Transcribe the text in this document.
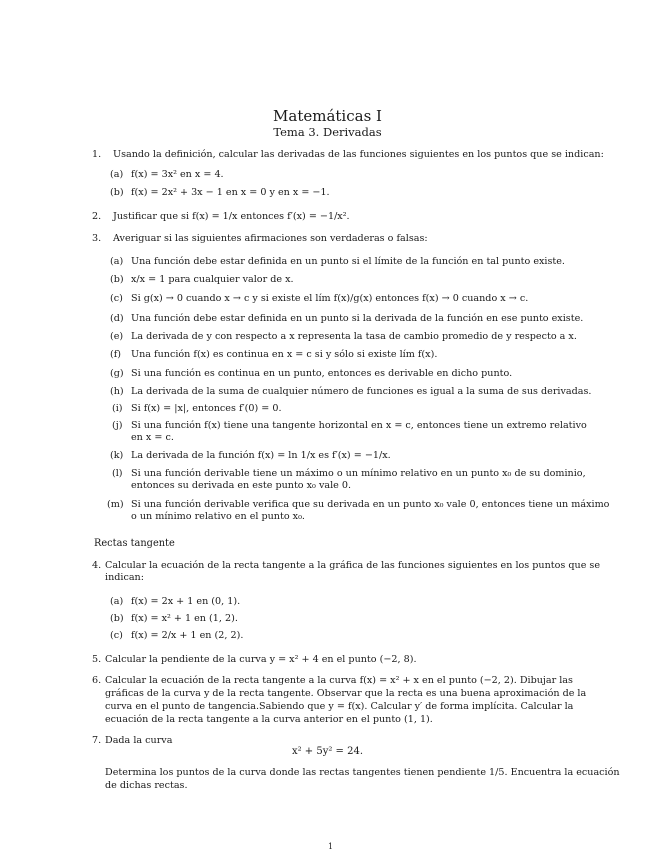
Matemáticas I
Tema 3. Derivadas
1. Usando la definición, calcular las derivadas de las funciones siguientes en los puntos que se indican:
(a) f(x) = 3x² en x = 4.
(b) f(x) = 2x² + 3x − 1 en x = 0 y en x = −1.
2. Justificar que si f(x) = 1/x entonces f′(x) = −1/x².
3. Averiguar si las siguientes afirmaciones son verdaderas o falsas:
(a) Una función debe estar definida en un punto si el límite de la función en tal punto existe.
(b) x/x = 1 para cualquier valor de x.
(c) Si g(x) → 0 cuando x → c y si existe el lím f(x)/g(x) entonces f(x) → 0 cuando x → c.
(d) Una función debe estar definida en un punto si la derivada de la función en ese punto existe.
(e) La derivada de y con respecto a x representa la tasa de cambio promedio de y respecto a x.
(f) Una función f(x) es continua en x = c si y sólo si existe lím f(x).
(g) Si una función es continua en un punto, entonces es derivable en dicho punto.
(h) La derivada de la suma de cualquier número de funciones es igual a la suma de sus derivadas.
(i) Si f(x) = |x|, entonces f′(0) = 0.
(j) Si una función f(x) tiene una tangente horizontal en x = c, entonces tiene un extremo relativo
en x = c.
(k) La derivada de la función f(x) = ln 1/x es f′(x) = −1/x.
(l) Si una función derivable tiene un máximo o un mínimo relativo en un punto x₀ de su dominio,
entonces su derivada en este punto x₀ vale 0.
(m) Si una función derivable verifica que su derivada en un punto x₀ vale 0, entonces tiene un máximo
o un mínimo relativo en el punto x₀.
Rectas tangente
4. Calcular la ecuación de la recta tangente a la gráfica de las funciones siguientes en los puntos que se
indican:
(a) f(x) = 2x + 1 en (0, 1).
(b) f(x) = x² + 1 en (1, 2).
(c) f(x) = 2/x + 1 en (2, 2).
5. Calcular la pendiente de la curva y = x² + 4 en el punto (−2, 8).
6. Calcular la ecuación de la recta tangente a la curva f(x) = x² + x en el punto (−2, 2). Dibujar las
gráficas de la curva y de la recta tangente. Observar que la recta es una buena aproximación de la
curva en el punto de tangencia.Sabiendo que y = f(x). Calcular y′ de forma implícita. Calcular la
ecuación de la recta tangente a la curva anterior en el punto (1, 1).
7. Dada la curva
x² + 5y² = 24.
Determina los puntos de la curva donde las rectas tangentes tienen pendiente 1/5. Encuentra la ecuación
de dichas rectas.
1
